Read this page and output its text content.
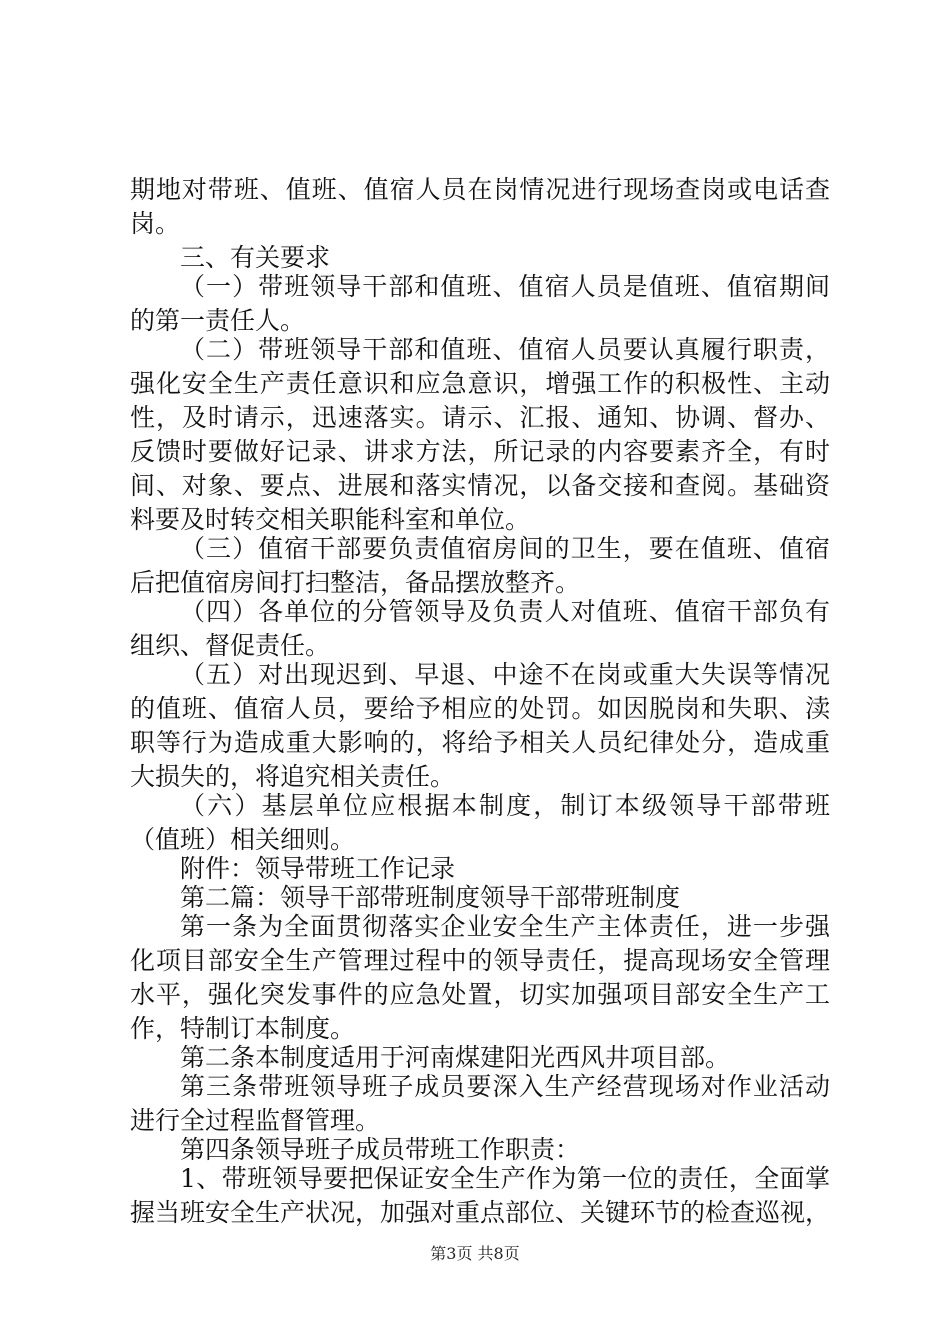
期地对带班、值班、值宿人员在岗情况进行现场查岗或电话查
岗。
三、有关要求
（一）带班领导干部和值班、值宿人员是值班、值宿期间
的第一责任人。
（二）带班领导干部和值班、值宿人员要认真履行职责，
强化安全生产责任意识和应急意识，增强工作的积极性、主动
性，及时请示，迅速落实。请示、汇报、通知、协调、督办、
反馈时要做好记录、讲求方法，所记录的内容要素齐全，有时
间、对象、要点、进展和落实情况，以备交接和查阅。基础资
料要及时转交相关职能科室和单位。
（三）值宿干部要负责值宿房间的卫生，要在值班、值宿
后把值宿房间打扫整洁，备品摆放整齐。
（四）各单位的分管领导及负责人对值班、值宿干部负有
组织、督促责任。
（五）对出现迟到、早退、中途不在岗或重大失误等情况
的值班、值宿人员，要给予相应的处罚。如因脱岗和失职、渎
职等行为造成重大影响的，将给予相关人员纪律处分，造成重
大损失的，将追究相关责任。
（六）基层单位应根据本制度，制订本级领导干部带班
（值班）相关细则。
附件：领导带班工作记录
第二篇：领导干部带班制度领导干部带班制度
第一条为全面贯彻落实企业安全生产主体责任，进一步强
化项目部安全生产管理过程中的领导责任，提高现场安全管理
水平，强化突发事件的应急处置，切实加强项目部安全生产工
作，特制订本制度。
第二条本制度适用于河南煤建阳光西风井项目部。
第三条带班领导班子成员要深入生产经营现场对作业活动
进行全过程监督管理。
第四条领导班子成员带班工作职责：
1、带班领导要把保证安全生产作为第一位的责任，全面掌
握当班安全生产状况，加强对重点部位、关键环节的检查巡视，
第3页 共8页
